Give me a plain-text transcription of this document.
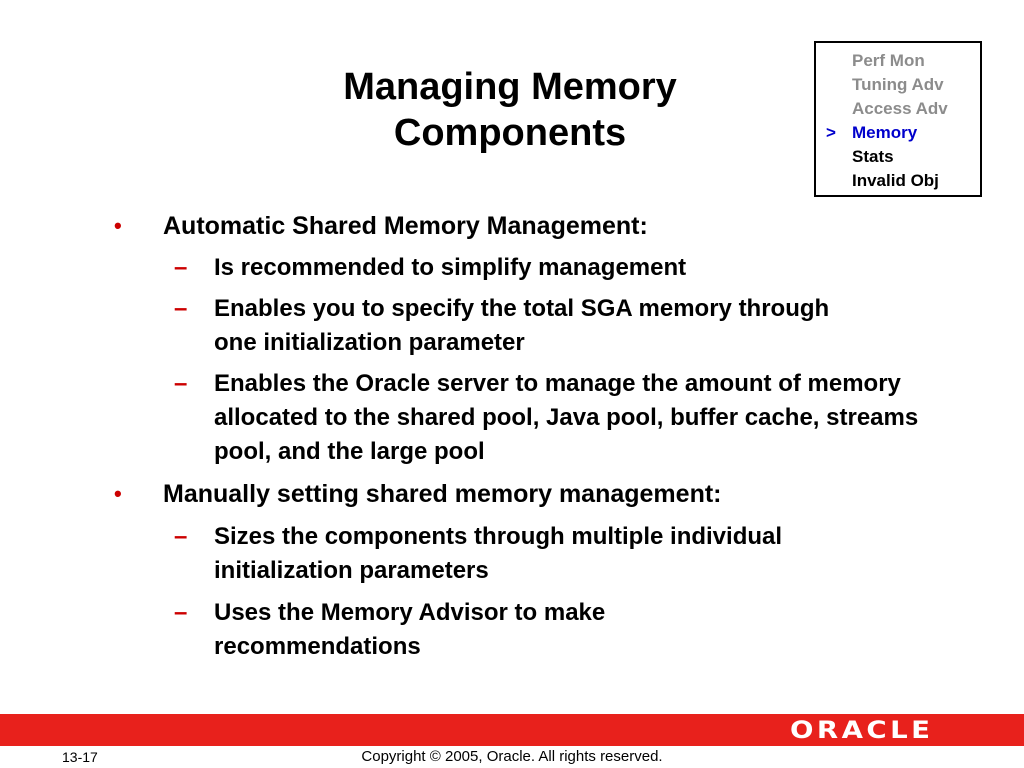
Managing Memory
Components
Perf Mon
Tuning Adv
Access Adv
> Memory
Stats
Invalid Obj
• Automatic Shared Memory Management:
– Is recommended to simplify management
– Enables you to specify the total SGA memory through one initialization parameter
– Enables the Oracle server to manage the amount of memory allocated to the shared pool, Java pool, buffer cache, streams pool, and the large pool
• Manually setting shared memory management:
– Sizes the components through multiple individual initialization parameters
– Uses the Memory Advisor to make recommendations
ORACLE
13-17	Copyright © 2005, Oracle. All rights reserved.
